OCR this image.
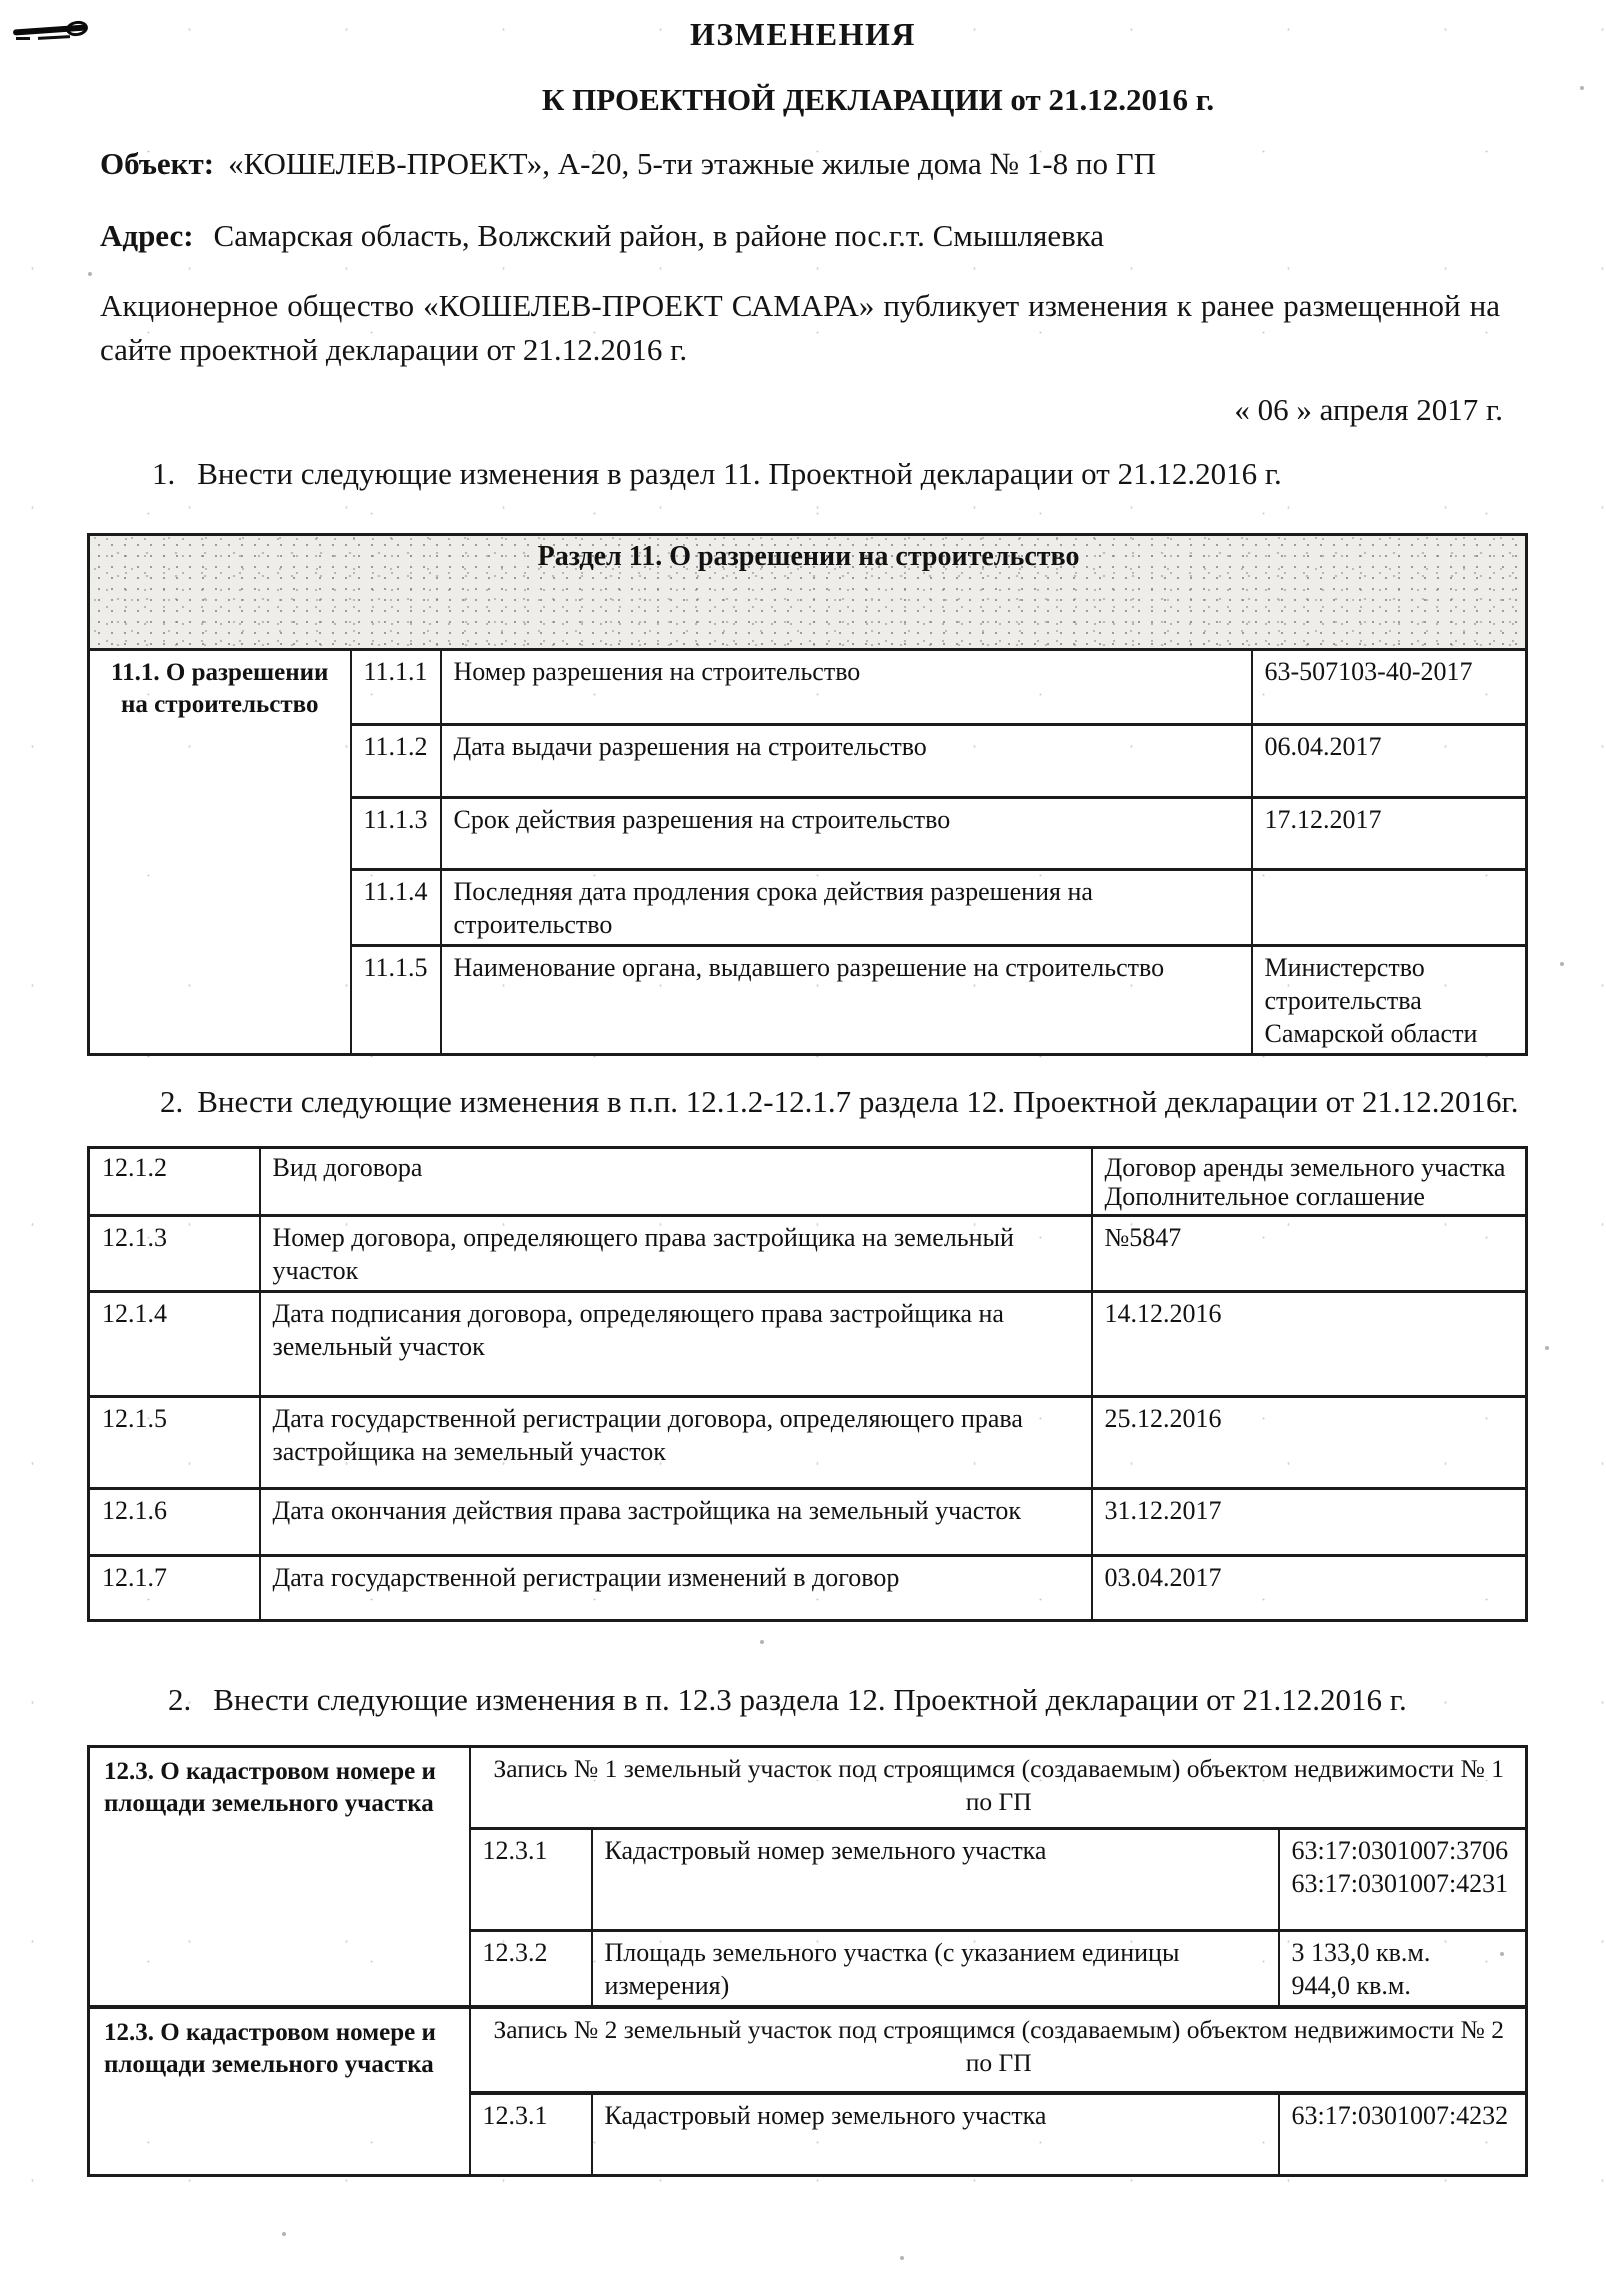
ИЗМЕНЕНИЯ
К ПРОЕКТНОЙ ДЕКЛАРАЦИИ от 21.12.2016 г.
Объект: «КОШЕЛЕВ-ПРОЕКТ», А-20, 5-ти этажные жилые дома № 1-8 по ГП
Адрес: Самарская область, Волжский район, в районе пос.г.т. Смышляевка

Акционерное общество «КОШЕЛЕВ-ПРОЕКТ САМАРА» публикует изменения к ранее размещенной на сайте проектной декларации от 21.12.2016 г.

« 06 » апреля 2017 г.
1. Внести следующие изменения в раздел 11. Проектной декларации от 21.12.2016 г.
Раздел 11. О разрешении на строительство			
11.1. О разрешении на строительство	11.1.1	Номер разрешения на строительство	63-507103-40-2017
	11.1.2	Дата выдачи разрешения на строительство	06.04.2017
	11.1.3	Срок действия разрешения на строительство	17.12.2017
	11.1.4	Последняя дата продления срока действия разрешения на строительство	
	11.1.5	Наименование органа, выдавшего разрешение на строительство	Министерство строительства Самарской области
2. Внести следующие изменения в п.п. 12.1.2-12.1.7 раздела 12. Проектной декларации от 21.12.2016г.
12.1.2	Вид договора	Договор аренды земельного участка
Дополнительное соглашение

12.1.3	Номер договора, определяющего права застройщика на земельный участок	№5847

12.1.4	Дата подписания договора, определяющего права застройщика на земельный участок	14.12.2016

12.1.5	Дата государственной регистрации договора, определяющего права застройщика на земельный участок	25.12.2016

12.1.6	Дата окончания действия права застройщика на земельный участок	31.12.2017

12.1.7	Дата государственной регистрации изменений в договор	03.04.2017
2. Внести следующие изменения в п. 12.3 раздела 12. Проектной декларации от 21.12.2016 г.
12.3. О кадастровом номере и площади земельного участка	Запись № 1 земельный участок под строящимся (создаваемым) объектом недвижимости № 1 по ГП		
	12.3.1	Кадастровый номер земельного участка	63:17:0301007:3706
63:17:0301007:4231

	12.3.2	Площадь земельного участка (с указанием единицы измерения)	3 133,0 кв.м.
944,0 кв.м.

12.3. О кадастровом номере и площади земельного участка	Запись № 2 земельный участок под строящимся (создаваемым) объектом недвижимости № 2 по ГП		
	12.3.1	Кадастровый номер земельного участка	63:17:0301007:4232
